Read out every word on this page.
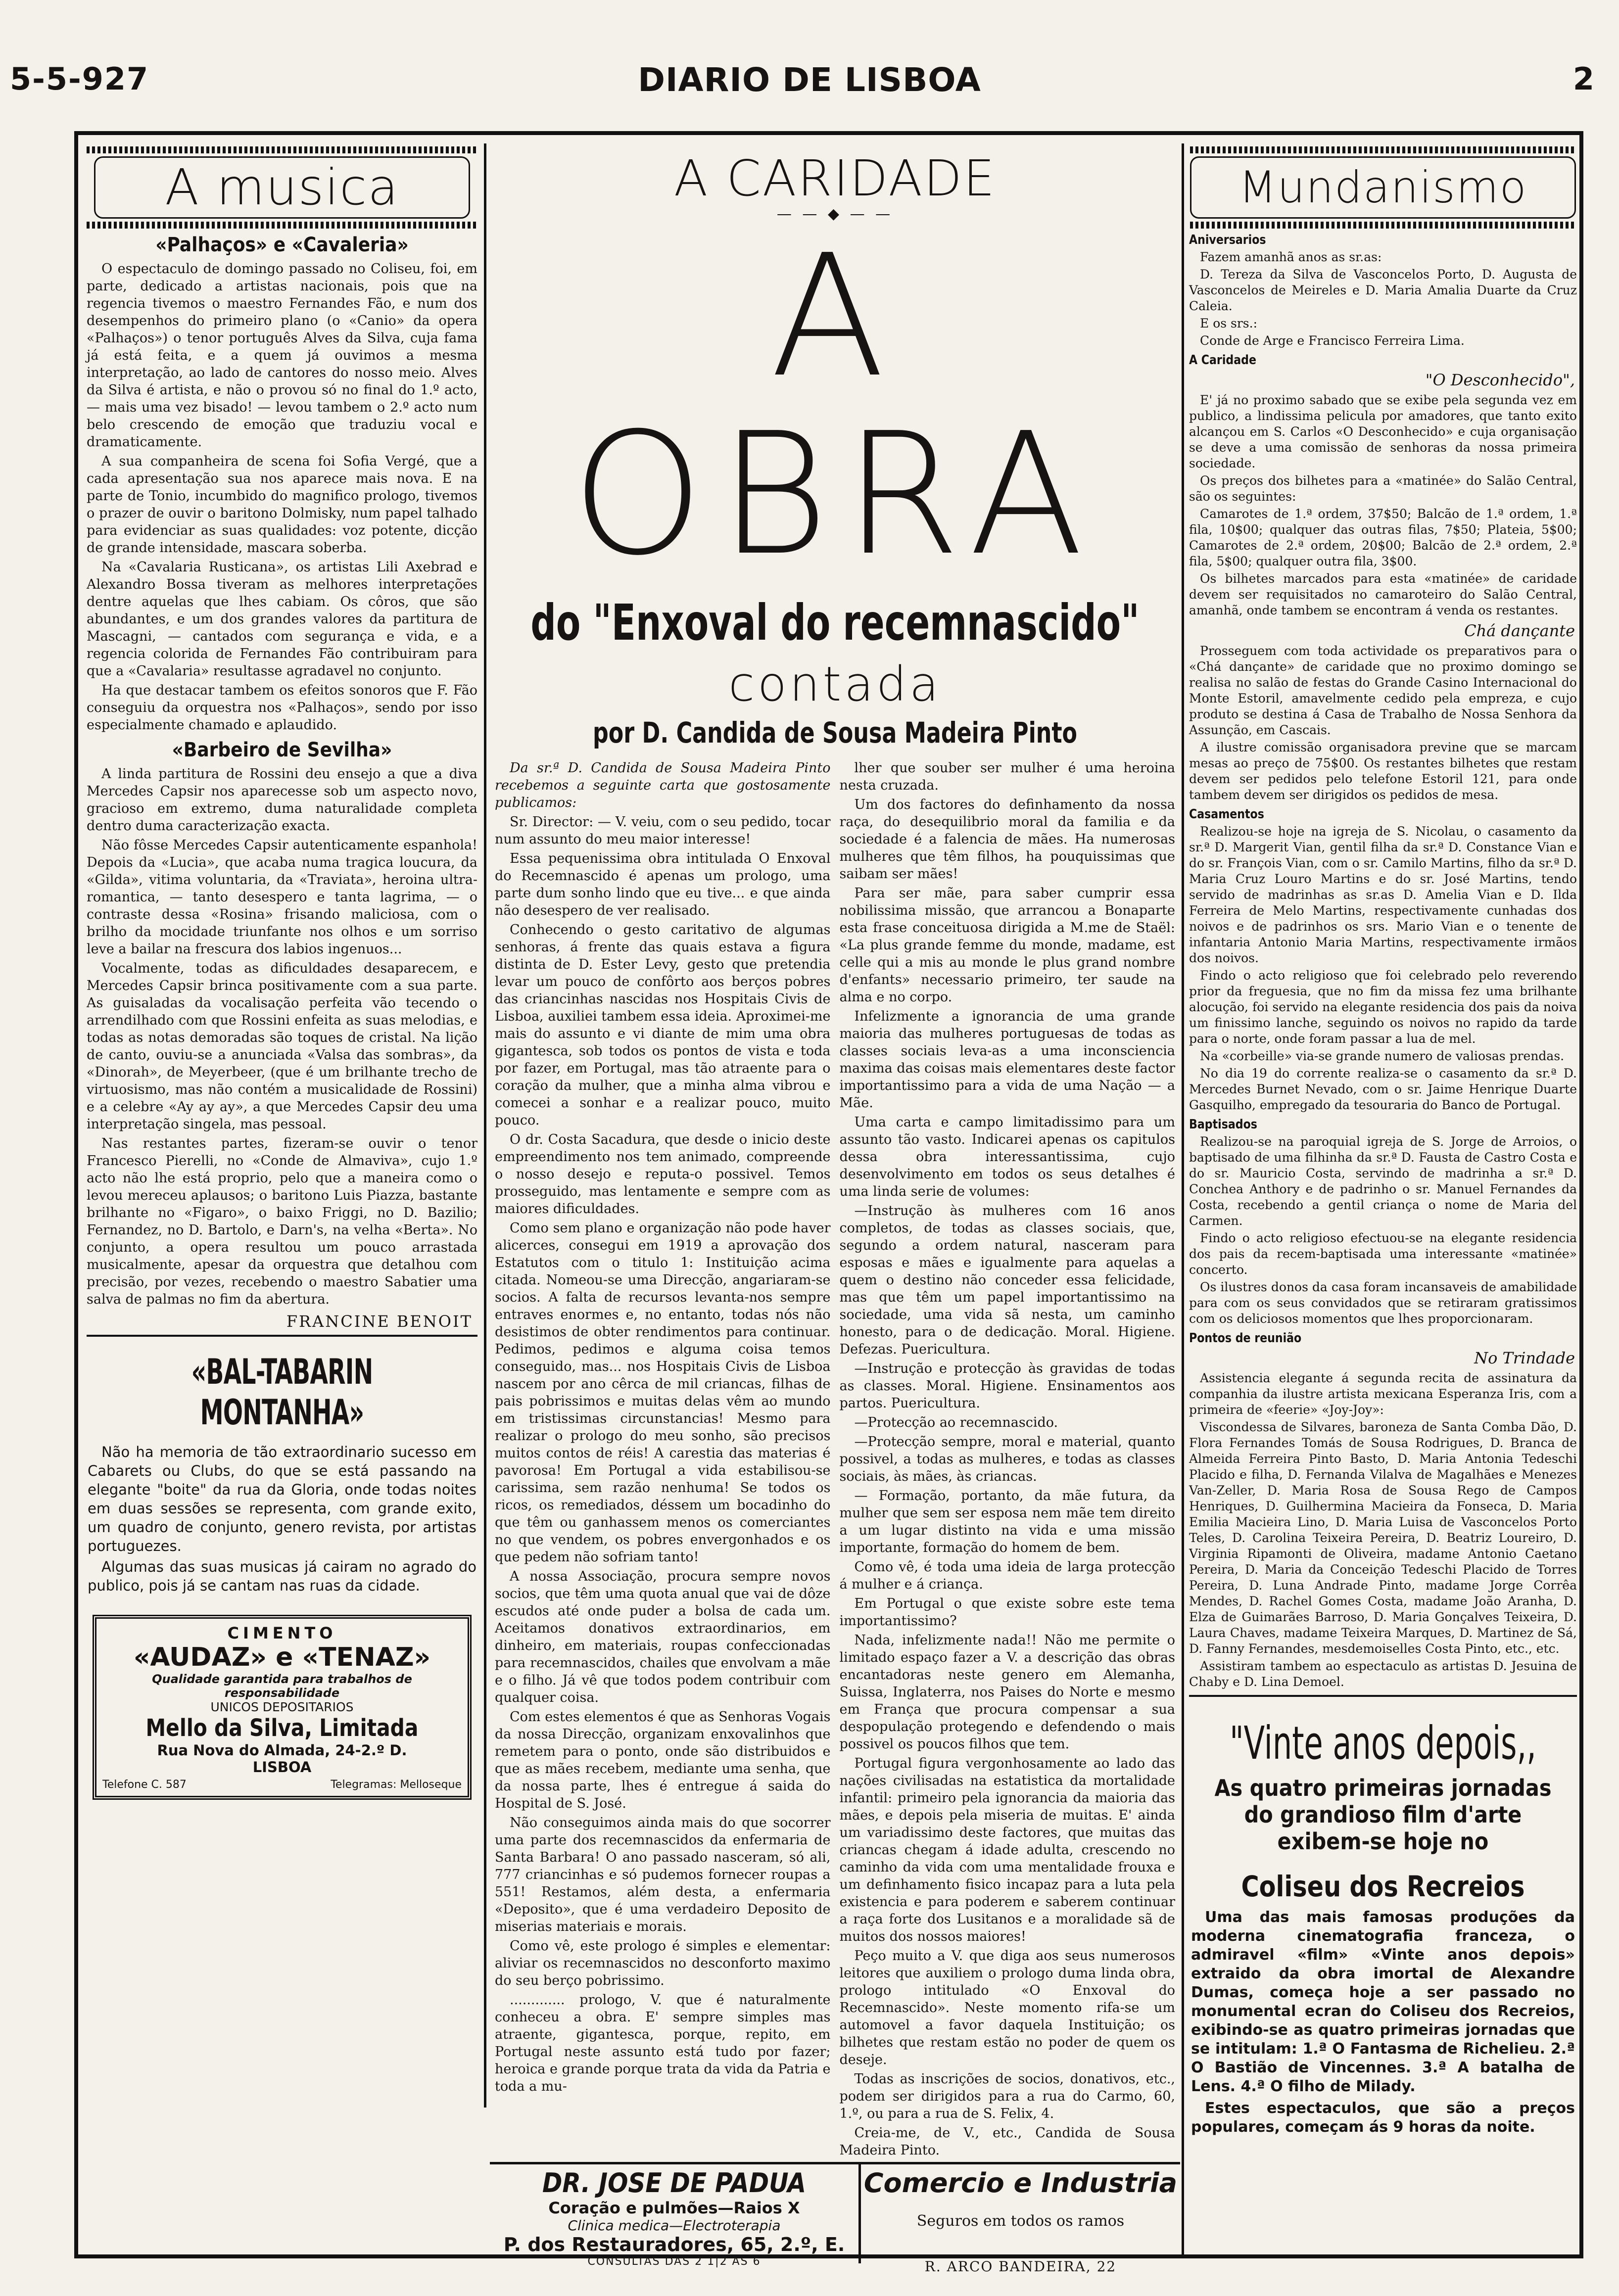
5-5-927	DIARIO DE LISBOA	2
A musica
«Palhaços» e «Cavaleria»

O espectaculo de domingo passado no Coliseu, foi, em parte, dedicado a artistas nacionais, pois que na regencia tivemos o maestro Fernandes Fão, e num dos desempenhos do primeiro plano (o «Canio» da opera «Palhaços») o tenor português Alves da Silva, cuja fama já está feita, e a quem já ouvimos a mesma interpretação, ao lado de cantores do nosso meio. Alves da Silva é artista, e não o provou só no final do 1.º acto, — mais uma vez bisado! — levou tambem o 2.º acto num belo crescendo de emoção que traduziu vocal e dramaticamente.

A sua companheira de scena foi Sofia Vergé, que a cada apresentação sua nos aparece mais nova. E na parte de Tonio, incumbido do magnifico prologo, tivemos o prazer de ouvir o baritono Dolmisky, num papel talhado para evidenciar as suas qualidades: voz potente, dicção de grande intensidade, mascara soberba.

Na «Cavalaria Rusticana», os artistas Lili Axebrad e Alexandro Bossa tiveram as melhores interpretações dentre aquelas que lhes cabiam. Os côros, que são abundantes, e um dos grandes valores da partitura de Mascagni, — cantados com segurança e vida, e a regencia colorida de Fernandes Fão contribuiram para que a «Cavalaria» resultasse agradavel no conjunto.

Ha que destacar tambem os efeitos sonoros que F. Fão conseguiu da orquestra nos «Palhaços», sendo por isso especialmente chamado e aplaudido.

«Barbeiro de Sevilha»

A linda partitura de Rossini deu ensejo a que a diva Mercedes Capsir nos aparecesse sob um aspecto novo, gracioso em extremo, duma naturalidade completa dentro duma caracterização exacta.

Não fôsse Mercedes Capsir autenticamente espanhola! Depois da «Lucia», que acaba numa tragica loucura, da «Gilda», vitima voluntaria, da «Traviata», heroina ultra-romantica, — tanto desespero e tanta lagrima, — o contraste dessa «Rosina» frisando maliciosa, com o brilho da mocidade triunfante nos olhos e um sorriso leve a bailar na frescura dos labios ingenuos...

Vocalmente, todas as dificuldades desaparecem, e Mercedes Capsir brinca positivamente com a sua parte. As guisaladas da vocalisação perfeita vão tecendo o arrendilhado com que Rossini enfeita as suas melodias, e todas as notas demoradas são toques de cristal. Na lição de canto, ouviu-se a anunciada «Valsa das sombras», da «Dinorah», de Meyerbeer, (que é um brilhante trecho de virtuosismo, mas não contém a musicalidade de Rossini) e a celebre «Ay ay ay», a que Mercedes Capsir deu uma interpretação singela, mas pessoal.

Nas restantes partes, fizeram-se ouvir o tenor Francesco Pierelli, no «Conde de Almaviva», cujo 1.º acto não lhe está proprio, pelo que a maneira como o levou mereceu aplausos; o baritono Luis Piazza, bastante brilhante no «Figaro», o baixo Friggi, no D. Bazilio; Fernandez, no D. Bartolo, e Darn's, na velha «Berta». No conjunto, a opera resultou um pouco arrastada musicalmente, apesar da orquestra que detalhou com precisão, por vezes, recebendo o maestro Sabatier uma salva de palmas no fim da abertura.

FRANCINE BENOIT
«BAL-TABARIN MONTANHA»

Não ha memoria de tão extraordinario sucesso em Cabarets ou Clubs, do que se está passando na elegante "boite" da rua da Gloria, onde todas noites em duas sessões se representa, com grande exito, um quadro de conjunto, genero revista, por artistas portuguezes.

Algumas das suas musicas já cairam no agrado do publico, pois já se cantam nas ruas da cidade.

CIMENTO
«AUDAZ» e «TENAZ»
Qualidade garantida para trabalhos de responsabilidade
UNICOS DEPOSITARIOS
Mello da Silva, Limitada
Rua Nova do Almada, 24-2.º D.
LISBOA
Telefone C. 587	Telegramas: Melloseque
A CARIDADE
— — ◆ — —
A OBRA
do "Enxoval do recemnascido"
contada
por D. Candida de Sousa Madeira Pinto

Da sr.ª D. Candida de Sousa Madeira Pinto recebemos a seguinte carta que gostosamente publicamos:

Sr. Director: — V. veiu, com o seu pedido, tocar num assunto do meu maior interesse!

Essa pequenissima obra intitulada O Enxoval do Recemnascido é apenas um prologo, uma parte dum sonho lindo que eu tive... e que ainda não desespero de ver realisado.

Conhecendo o gesto caritativo de algumas senhoras, á frente das quais estava a figura distinta de D. Ester Levy, gesto que pretendia levar um pouco de confôrto aos berços pobres das criancinhas nascidas nos Hospitais Civis de Lisboa, auxiliei tambem essa ideia. Aproximei-me mais do assunto e vi diante de mim uma obra gigantesca, sob todos os pontos de vista e toda por fazer, em Portugal, mas tão atraente para o coração da mulher, que a minha alma vibrou e comecei a sonhar e a realizar pouco, muito pouco.

O dr. Costa Sacadura, que desde o inicio deste empreendimento nos tem animado, compreende o nosso desejo e reputa-o possivel. Temos prosseguido, mas lentamente e sempre com as maiores dificuldades.

Como sem plano e organização não pode haver alicerces, consegui em 1919 a aprovação dos Estatutos com o titulo 1: Instituição acima citada. Nomeou-se uma Direcção, angariaram-se socios. A falta de recursos levanta-nos sempre entraves enormes e, no entanto, todas nós não desistimos de obter rendimentos para continuar. Pedimos, pedimos e alguma coisa temos conseguido, mas... nos Hospitais Civis de Lisboa nascem por ano cêrca de mil criancas, filhas de pais pobrissimos e muitas delas vêm ao mundo em tristissimas circunstancias! Mesmo para realizar o prologo do meu sonho, são precisos muitos contos de réis! A carestia das materias é pavorosa! Em Portugal a vida estabilisou-se carissima, sem razão nenhuma! Se todos os ricos, os remediados, déssem um bocadinho do que têm ou ganhassem menos os comerciantes no que vendem, os pobres envergonhados e os que pedem não sofriam tanto!

A nossa Associação, procura sempre novos socios, que têm uma quota anual que vai de dôze escudos até onde puder a bolsa de cada um. Aceitamos donativos extraordinarios, em dinheiro, em materiais, roupas confeccionadas para recemnascidos, chailes que envolvam a mãe e o filho. Já vê que todos podem contribuir com qualquer coisa.

Com estes elementos é que as Senhoras Vogais da nossa Direcção, organizam enxovalinhos que remetem para o ponto, onde são distribuidos e que as mães recebem, mediante uma senha, que da nossa parte, lhes é entregue á saida do Hospital de S. José.

Não conseguimos ainda mais do que socorrer uma parte dos recemnascidos da enfermaria de Santa Barbara! O ano passado nasceram, só ali, 777 criancinhas e só pudemos fornecer roupas a 551! Restamos, além desta, a enfermaria «Deposito», que é uma verdadeiro Deposito de miserias materiais e morais.

Como vê, este prologo é simples e elementar: aliviar os recemnascidos no desconforto maximo do seu berço pobrissimo.

............. prologo, V. que é naturalmente conheceu a obra. E' sempre simples mas atraente, gigantesca, porque, repito, em Portugal neste assunto está tudo por fazer; heroica e grande porque trata da vida da Patria e toda a mu-

lher que souber ser mulher é uma heroina nesta cruzada.

Um dos factores do definhamento da nossa raça, do desequilibrio moral da familia e da sociedade é a falencia de mães. Ha numerosas mulheres que têm filhos, ha pouquissimas que saibam ser mães!

Para ser mãe, para saber cumprir essa nobilissima missão, que arrancou a Bonaparte esta frase conceituosa dirigida a M.me de Staël: «La plus grande femme du monde, madame, est celle qui a mis au monde le plus grand nombre d'enfants» necessario primeiro, ter saude na alma e no corpo.

Infelizmente a ignorancia de uma grande maioria das mulheres portuguesas de todas as classes sociais leva-as a uma inconsciencia maxima das coisas mais elementares deste factor importantissimo para a vida de uma Nação — a Mãe.

Uma carta e campo limitadissimo para um assunto tão vasto. Indicarei apenas os capitulos dessa obra interessantissima, cujo desenvolvimento em todos os seus detalhes é uma linda serie de volumes:

—Instrução às mulheres com 16 anos completos, de todas as classes sociais, que, segundo a ordem natural, nasceram para esposas e mães e igualmente para aquelas a quem o destino não conceder essa felicidade, mas que têm um papel importantissimo na sociedade, uma vida sã nesta, um caminho honesto, para o de dedicação. Moral. Higiene. Defezas. Puericultura.

—Instrução e protecção às gravidas de todas as classes. Moral. Higiene. Ensinamentos aos partos. Puericultura.

—Protecção ao recemnascido.

—Protecção sempre, moral e material, quanto possivel, a todas as mulheres, e todas as classes sociais, às mães, às criancas.

— Formação, portanto, da mãe futura, da mulher que sem ser esposa nem mãe tem direito a um lugar distinto na vida e uma missão importante, formação do homem de bem.

Como vê, é toda uma ideia de larga protecção á mulher e á criança.

Em Portugal o que existe sobre este tema importantissimo?

Nada, infelizmente nada!! Não me permite o limitado espaço fazer a V. a descrição das obras encantadoras neste genero em Alemanha, Suissa, Inglaterra, nos Paises do Norte e mesmo em França que procura compensar a sua despopulação protegendo e defendendo o mais possivel os poucos filhos que tem.

Portugal figura vergonhosamente ao lado das nações civilisadas na estatistica da mortalidade infantil: primeiro pela ignorancia da maioria das mães, e depois pela miseria de muitas. E' ainda um variadissimo deste factores, que muitas das criancas chegam á idade adulta, crescendo no caminho da vida com uma mentalidade frouxa e um definhamento fisico incapaz para a luta pela existencia e para poderem e saberem continuar a raça forte dos Lusitanos e a moralidade sã de muitos dos nossos maiores!

Peço muito a V. que diga aos seus numerosos leitores que auxiliem o prologo duma linda obra, prologo intitulado «O Enxoval do Recemnascido». Neste momento rifa-se um automovel a favor daquela Instituição; os bilhetes que restam estão no poder de quem os deseje.

Todas as inscrições de socios, donativos, etc., podem ser dirigidos para a rua do Carmo, 60, 1.º, ou para a rua de S. Felix, 4.

Creia-me, de V., etc., Candida de Sousa Madeira Pinto.

DR. JOSE DE PADUA
Coração e pulmões—Raios X
Clinica medica—Electroterapia
P. dos Restauradores, 65, 2.º, E.
CONSULTAS DAS 2 1|2 AS 6
Comercio e Industria
Seguros em todos os ramos
R. ARCO BANDEIRA, 22
Mundanismo
Aniversarios

Fazem amanhã anos as sr.as:

D. Tereza da Silva de Vasconcelos Porto, D. Augusta de Vasconcelos de Meireles e D. Maria Amalia Duarte da Cruz Caleia.

E os srs.:

Conde de Arge e Francisco Ferreira Lima.

A Caridade
"O Desconhecido",

E' já no proximo sabado que se exibe pela segunda vez em publico, a lindissima pelicula por amadores, que tanto exito alcançou em S. Carlos «O Desconhecido» e cuja organisação se deve a uma comissão de senhoras da nossa primeira sociedade.

Os preços dos bilhetes para a «matinée» do Salão Central, são os seguintes:

Camarotes de 1.ª ordem, 37$50; Balcão de 1.ª ordem, 1.ª fila, 10$00; qualquer das outras filas, 7$50; Plateia, 5$00; Camarotes de 2.ª ordem, 20$00; Balcão de 2.ª ordem, 2.ª fila, 5$00; qualquer outra fila, 3$00.

Os bilhetes marcados para esta «matinée» de caridade devem ser requisitados no camaroteiro do Salão Central, amanhã, onde tambem se encontram á venda os restantes.

Chá dançante

Prosseguem com toda actividade os preparativos para o «Chá dançante» de caridade que no proximo domingo se realisa no salão de festas do Grande Casino Internacional do Monte Estoril, amavelmente cedido pela empreza, e cujo produto se destina á Casa de Trabalho de Nossa Senhora da Assunção, em Cascais.

A ilustre comissão organisadora previne que se marcam mesas ao preço de 75$00. Os restantes bilhetes que restam devem ser pedidos pelo telefone Estoril 121, para onde tambem devem ser dirigidos os pedidos de mesa.

Casamentos

Realizou-se hoje na igreja de S. Nicolau, o casamento da sr.ª D. Margerit Vian, gentil filha da sr.ª D. Constance Vian e do sr. François Vian, com o sr. Camilo Martins, filho da sr.ª D. Maria Cruz Louro Martins e do sr. José Martins, tendo servido de madrinhas as sr.as D. Amelia Vian e D. Ilda Ferreira de Melo Martins, respectivamente cunhadas dos noivos e de padrinhos os srs. Mario Vian e o tenente de infantaria Antonio Maria Martins, respectivamente irmãos dos noivos.

Findo o acto religioso que foi celebrado pelo reverendo prior da freguesia, que no fim da missa fez uma brilhante alocução, foi servido na elegante residencia dos pais da noiva um finissimo lanche, seguindo os noivos no rapido da tarde para o norte, onde foram passar a lua de mel.

Na «corbeille» via-se grande numero de valiosas prendas.

No dia 19 do corrente realiza-se o casamento da sr.ª D. Mercedes Burnet Nevado, com o sr. Jaime Henrique Duarte Gasquilho, empregado da tesouraria do Banco de Portugal.

Baptisados

Realizou-se na paroquial igreja de S. Jorge de Arroios, o baptisado de uma filhinha da sr.ª D. Fausta de Castro Costa e do sr. Mauricio Costa, servindo de madrinha a sr.ª D. Conchea Anthory e de padrinho o sr. Manuel Fernandes da Costa, recebendo a gentil criança o nome de Maria del Carmen.

Findo o acto religioso efectuou-se na elegante residencia dos pais da recem-baptisada uma interessante «matinée» concerto.

Os ilustres donos da casa foram incansaveis de amabilidade para com os seus convidados que se retiraram gratissimos com os deliciosos momentos que lhes proporcionaram.

Pontos de reunião
No Trindade

Assistencia elegante á segunda recita de assinatura da companhia da ilustre artista mexicana Esperanza Iris, com a primeira de «feerie» «Joy-Joy»:

Viscondessa de Silvares, baroneza de Santa Comba Dão, D. Flora Fernandes Tomás de Sousa Rodrigues, D. Branca de Almeida Ferreira Pinto Basto, D. Maria Antonia Tedeschi Placido e filha, D. Fernanda Vilalva de Magalhães e Menezes Van-Zeller, D. Maria Rosa de Sousa Rego de Campos Henriques, D. Guilhermina Macieira da Fonseca, D. Maria Emilia Macieira Lino, D. Maria Luisa de Vasconcelos Porto Teles, D. Carolina Teixeira Pereira, D. Beatriz Loureiro, D. Virginia Ripamonti de Oliveira, madame Antonio Caetano Pereira, D. Maria da Conceição Tedeschi Placido de Torres Pereira, D. Luna Andrade Pinto, madame Jorge Corrêa Mendes, D. Rachel Gomes Costa, madame João Aranha, D. Elza de Guimarães Barroso, D. Maria Gonçalves Teixeira, D. Laura Chaves, madame Teixeira Marques, D. Martinez de Sá, D. Fanny Fernandes, mesdemoiselles Costa Pinto, etc., etc.

Assistiram tambem ao espectaculo as artistas D. Jesuina de Chaby e D. Lina Demoel.

"Vinte anos depois,,
As quatro primeiras jornadas do grandioso film d'arte exibem-se hoje no
Coliseu dos Recreios

Uma das mais famosas produções da moderna cinematografia franceza, o admiravel «film» «Vinte anos depois» extraido da obra imortal de Alexandre Dumas, começa hoje a ser passado no monumental ecran do Coliseu dos Recreios, exibindo-se as quatro primeiras jornadas que se intitulam: 1.ª O Fantasma de Richelieu. 2.ª O Bastião de Vincennes. 3.ª A batalha de Lens. 4.ª O filho de Milady.

Estes espectaculos, que são a preços populares, começam ás 9 horas da noite.
